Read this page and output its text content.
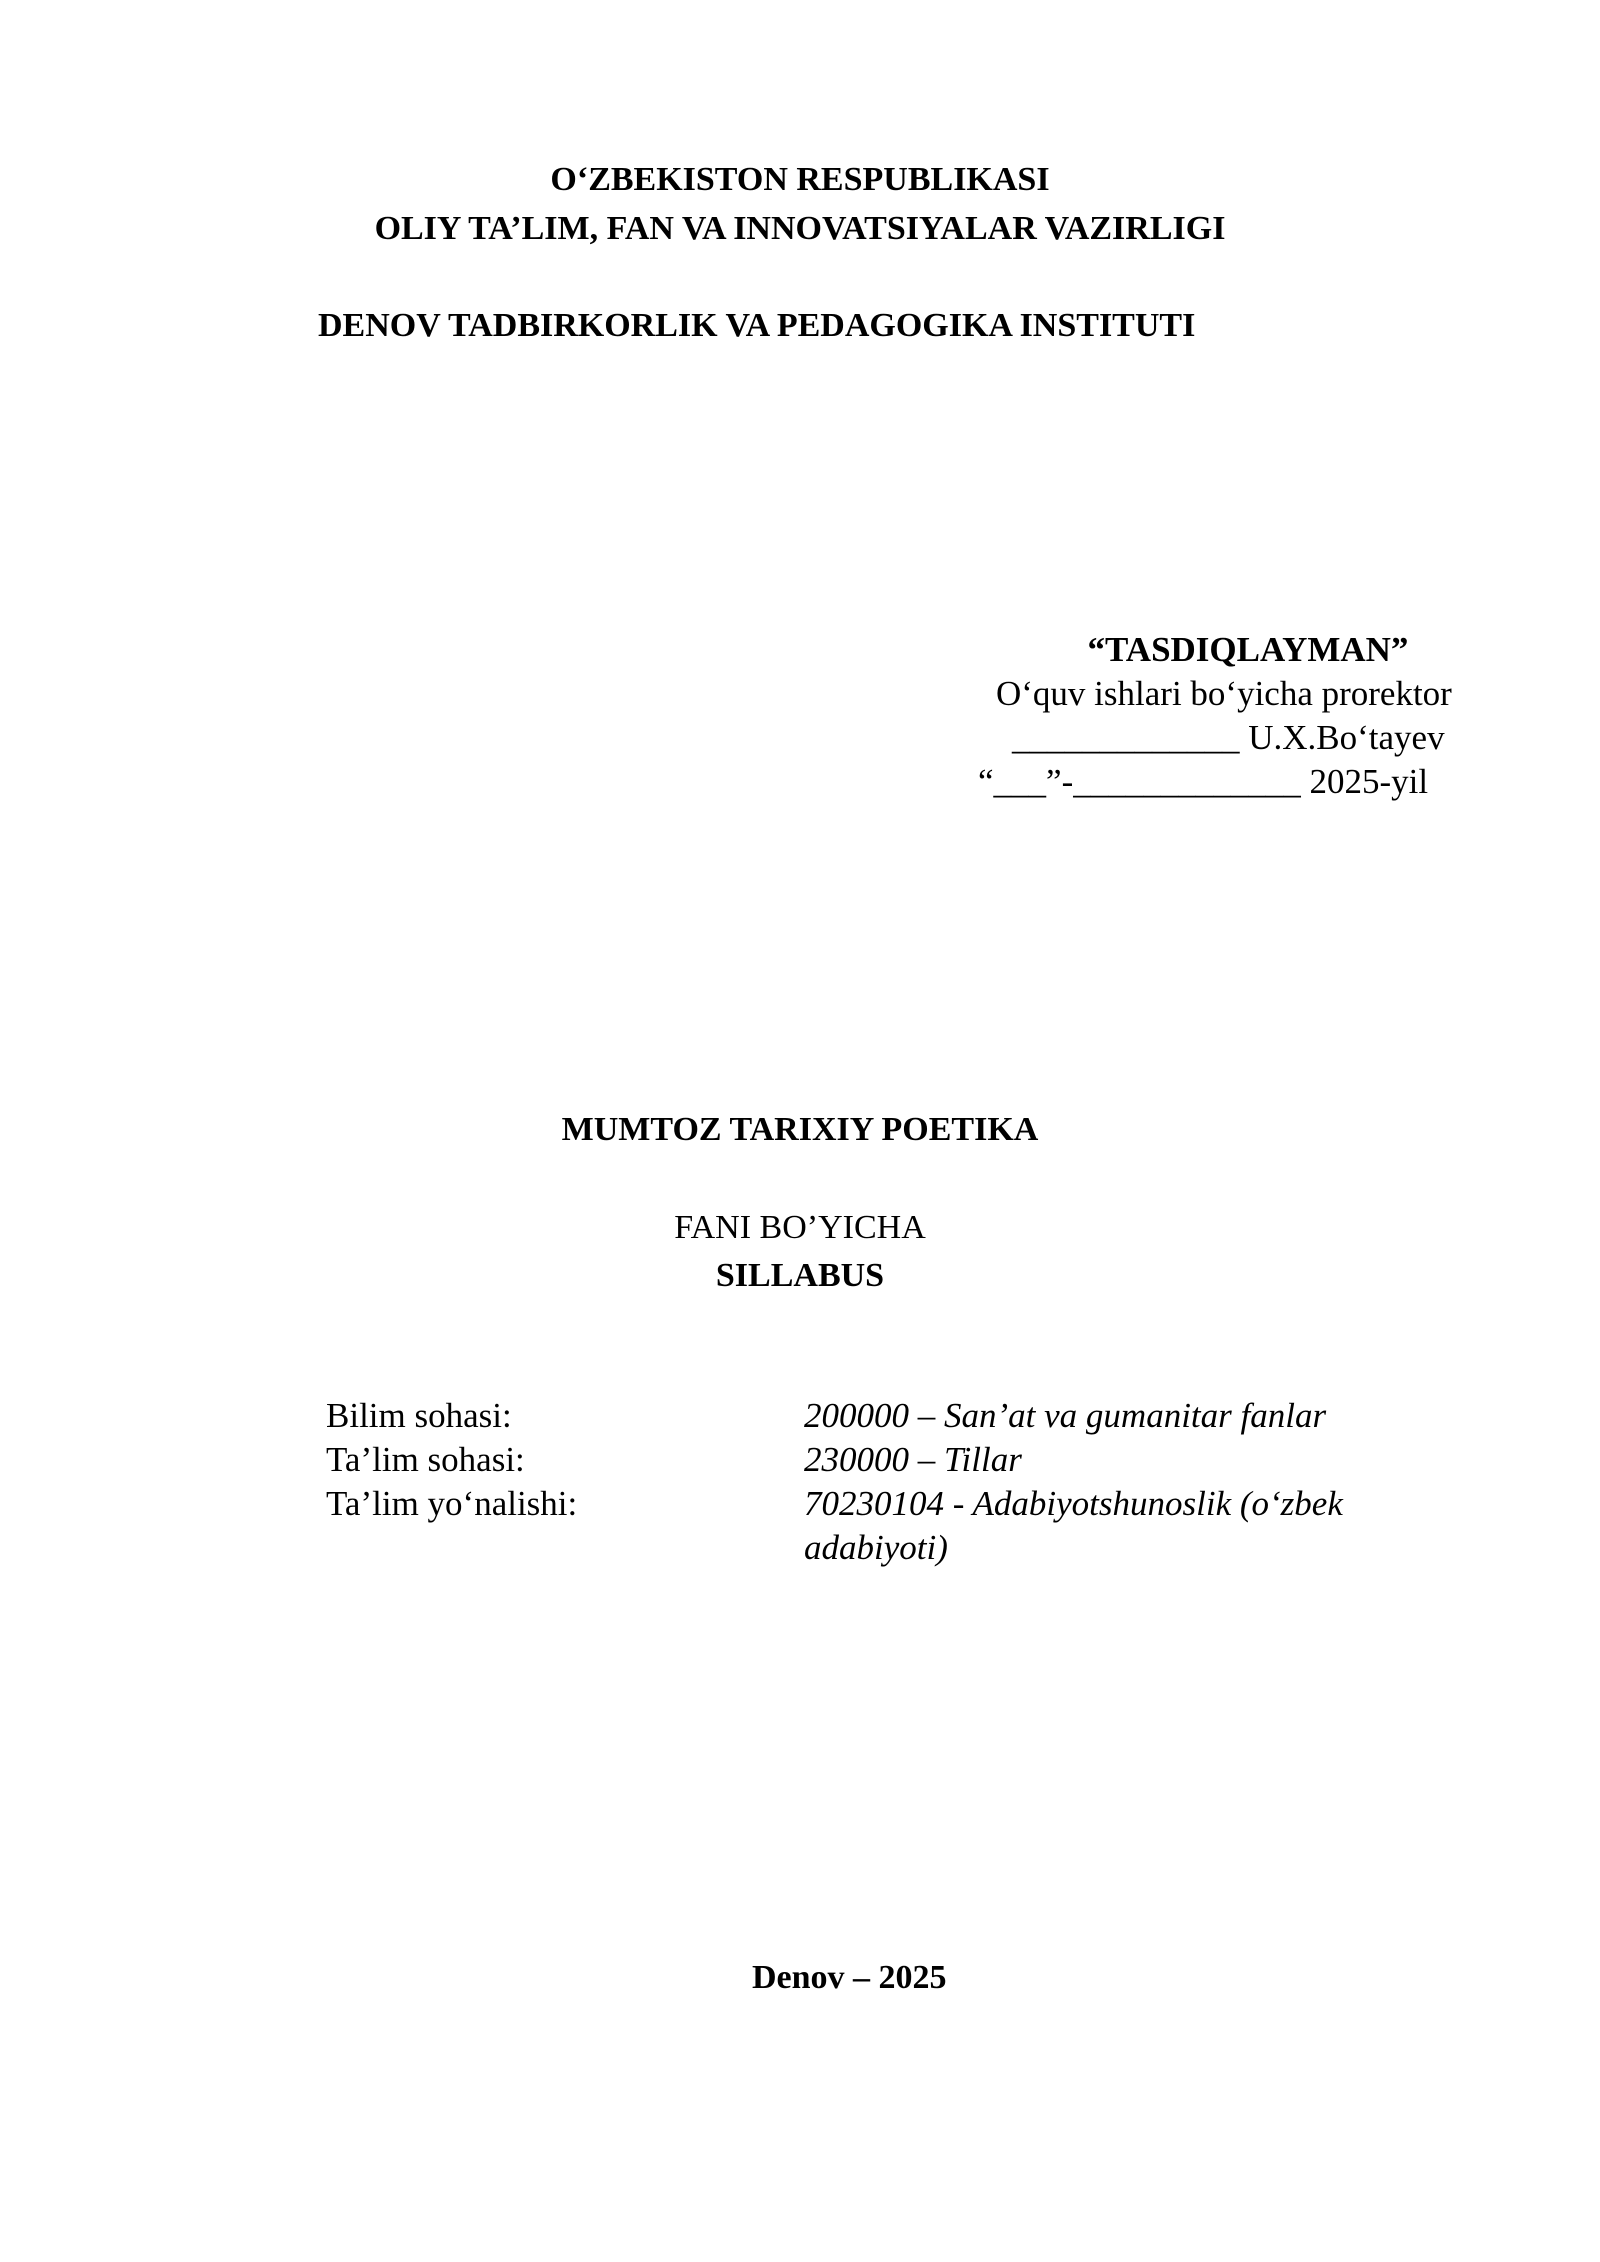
O‘ZBEKISTON RESPUBLIKASI
OLIY TA’LIM, FAN VA INNOVATSIYALAR VAZIRLIGI
DENOV TADBIRKORLIK VA PEDAGOGIKA INSTITUTI
“TASDIQLAYMAN”
O‘quv ishlari bo‘yicha prorektor
_____________ U.X.Bo‘tayev
“___”-_____________ 2025-yil
MUMTOZ TARIXIY POETIKA
FANI BO’YICHA
SILLABUS
Bilim sohasi:	200000 – San’at va gumanitar fanlar
Ta’lim sohasi:	230000 – Tillar
Ta’lim yo‘nalishi:	70230104 - Adabiyotshunoslik (o‘zbek
adabiyoti)
Denov – 2025
